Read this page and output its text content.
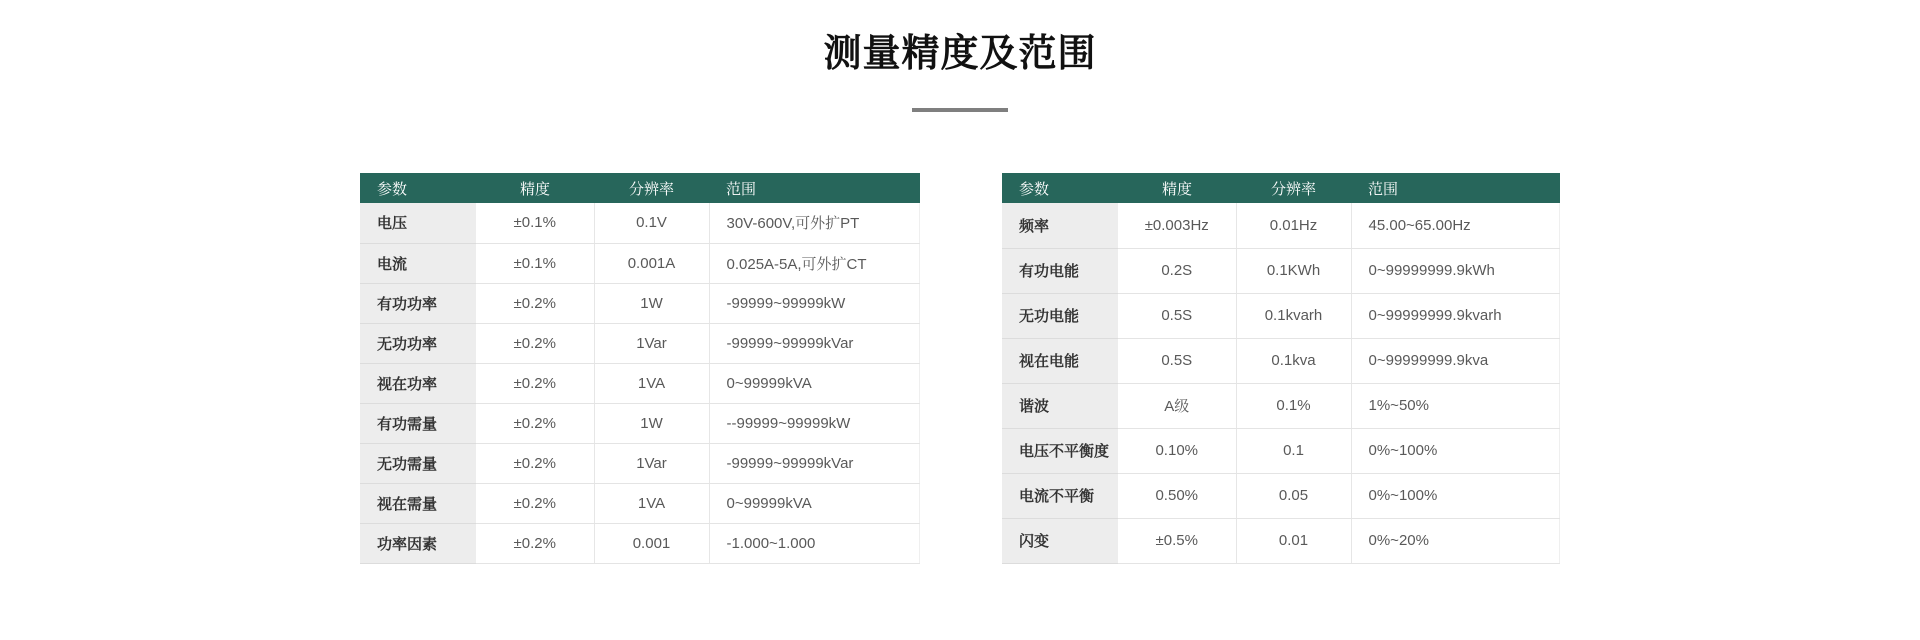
测量精度及范围
参数	精度	分辨率	范围
电压	±0.1%	0.1V	30V-600V,可外扩PT
电流	±0.1%	0.001A	0.025A-5A,可外扩CT
有功功率	±0.2%	1W	-99999~99999kW
无功功率	±0.2%	1Var	-99999~99999kVar
视在功率	±0.2%	1VA	0~99999kVA
有功需量	±0.2%	1W	--99999~99999kW
无功需量	±0.2%	1Var	-99999~99999kVar
视在需量	±0.2%	1VA	0~99999kVA
功率因素	±0.2%	0.001	-1.000~1.000
参数	精度	分辨率	范围
频率	±0.003Hz	0.01Hz	45.00~65.00Hz
有功电能	0.2S	0.1KWh	0~99999999.9kWh
无功电能	0.5S	0.1kvarh	0~99999999.9kvarh
视在电能	0.5S	0.1kva	0~99999999.9kva
谐波	A级	0.1%	1%~50%
电压不平衡度	0.10%	0.1	0%~100%
电流不平衡	0.50%	0.05	0%~100%
闪变	±0.5%	0.01	0%~20%
